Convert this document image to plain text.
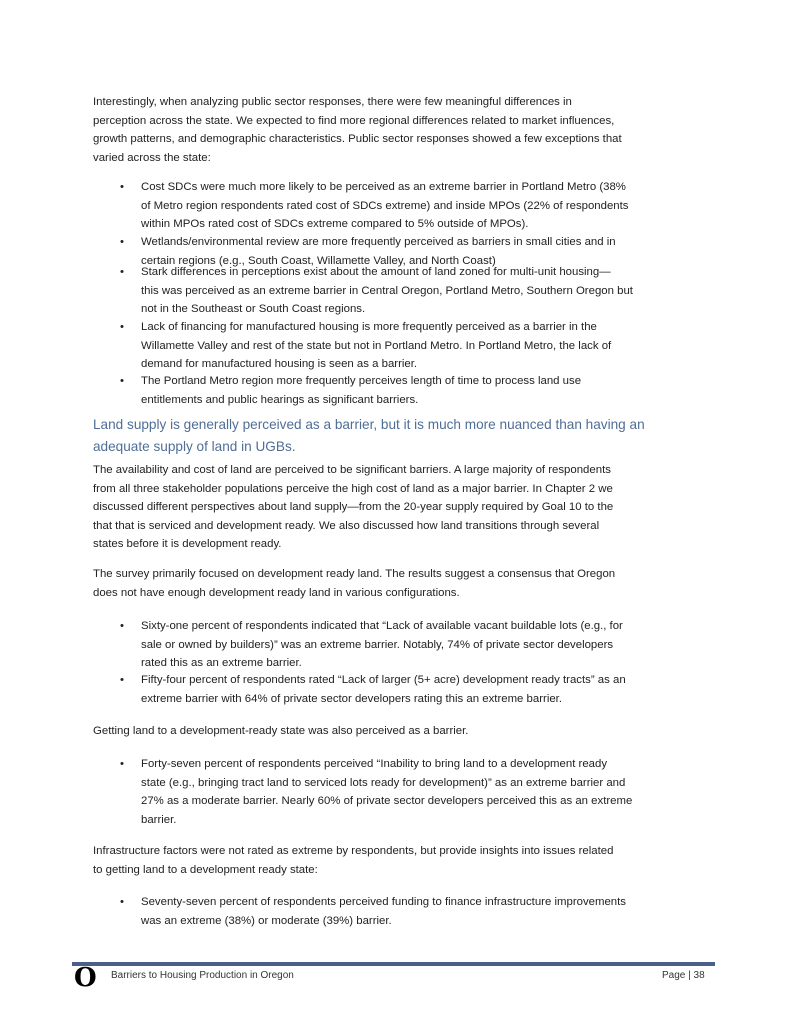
Interestingly, when analyzing public sector responses, there were few meaningful differences in
perception across the state. We expected to find more regional differences related to market influences,
growth patterns, and demographic characteristics. Public sector responses showed a few exceptions that
varied across the state:
• Cost SDCs were much more likely to be perceived as an extreme barrier in Portland Metro (38%
of Metro region respondents rated cost of SDCs extreme) and inside MPOs (22% of respondents
within MPOs rated cost of SDCs extreme compared to 5% outside of MPOs).
• Wetlands/environmental review are more frequently perceived as barriers in small cities and in
certain regions (e.g., South Coast, Willamette Valley, and North Coast)
• Stark differences in perceptions exist about the amount of land zoned for multi-unit housing—
this was perceived as an extreme barrier in Central Oregon, Portland Metro, Southern Oregon but
not in the Southeast or South Coast regions.
• Lack of financing for manufactured housing is more frequently perceived as a barrier in the
Willamette Valley and rest of the state but not in Portland Metro. In Portland Metro, the lack of
demand for manufactured housing is seen as a barrier.
• The Portland Metro region more frequently perceives length of time to process land use
entitlements and public hearings as significant barriers.
Land supply is generally perceived as a barrier, but it is much more nuanced than having an
adequate supply of land in UGBs.
The availability and cost of land are perceived to be significant barriers. A large majority of respondents
from all three stakeholder populations perceive the high cost of land as a major barrier. In Chapter 2 we
discussed different perspectives about land supply—from the 20-year supply required by Goal 10 to the
that that is serviced and development ready. We also discussed how land transitions through several
states before it is development ready.
The survey primarily focused on development ready land. The results suggest a consensus that Oregon
does not have enough development ready land in various configurations.
• Sixty-one percent of respondents indicated that “Lack of available vacant buildable lots (e.g., for
sale or owned by builders)” was an extreme barrier. Notably, 74% of private sector developers
rated this as an extreme barrier.
• Fifty-four percent of respondents rated “Lack of larger (5+ acre) development ready tracts” as an
extreme barrier with 64% of private sector developers rating this an extreme barrier.
Getting land to a development-ready state was also perceived as a barrier.
• Forty-seven percent of respondents perceived “Inability to bring land to a development ready
state (e.g., bringing tract land to serviced lots ready for development)” as an extreme barrier and
27% as a moderate barrier. Nearly 60% of private sector developers perceived this as an extreme
barrier.
Infrastructure factors were not rated as extreme by respondents, but provide insights into issues related
to getting land to a development ready state:
• Seventy-seven percent of respondents perceived funding to finance infrastructure improvements
was an extreme (38%) or moderate (39%) barrier.
O Barriers to Housing Production in Oregon	Page | 38
